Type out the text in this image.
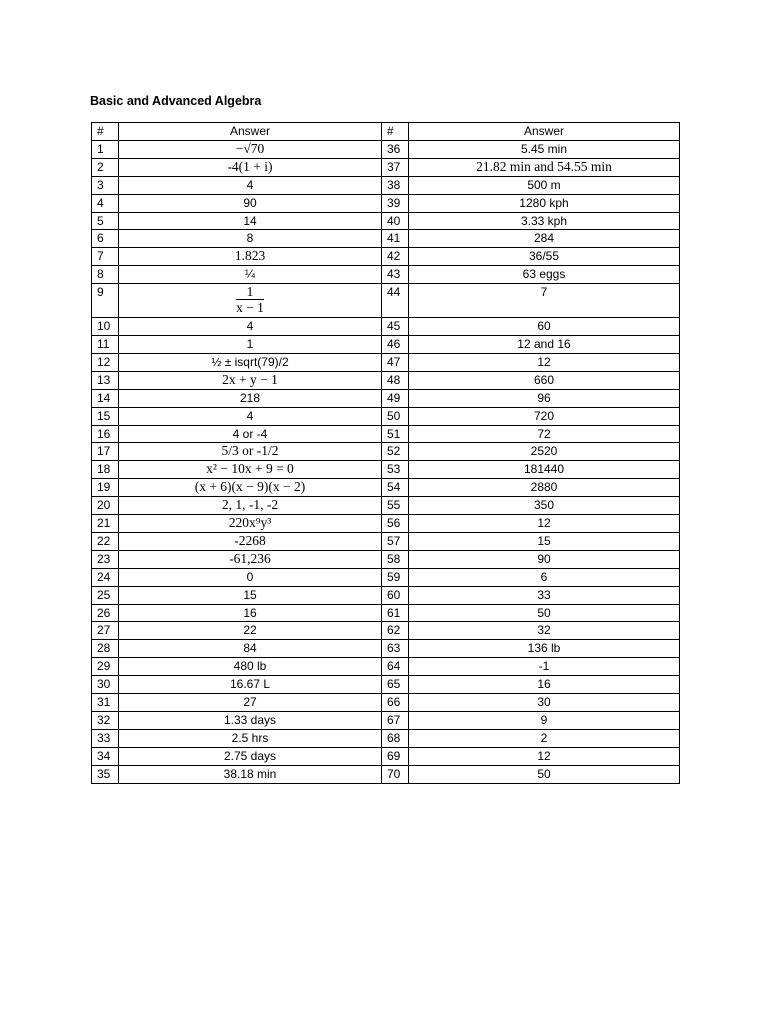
Basic and Advanced Algebra
#	Answer	#	Answer
1	−√70	36	5.45 min
2	-4(1 + i)	37	21.82 min and 54.55 min
3	4	38	500 m
4	90	39	1280 kph
5	14	40	3.33 kph
6	8	41	284
7	1.823	42	36/55
8	¼	43	63 eggs
9	$\frac{1}{x - 1}$	44	7
10	4	45	60
11	1	46	12 and 16
12	½ ± isqrt(79)/2	47	12
13	2x + y − 1	48	660
14	218	49	96
15	4	50	720
16	4 or -4	51	72
17	5/3 or -1/2	52	2520
18	x² − 10x + 9 = 0	53	181440
19	(x + 6)(x − 9)(x − 2)	54	2880
20	2, 1, -1, -2	55	350
21	220x⁹y³	56	12
22	-2268	57	15
23	-61,236	58	90
24	0	59	6
25	15	60	33
26	16	61	50
27	22	62	32
28	84	63	136 lb
29	480 lb	64	-1
30	16.67 L	65	16
31	27	66	30
32	1.33 days	67	9
33	2.5 hrs	68	2
34	2.75 days	69	12
35	38.18 min	70	50
